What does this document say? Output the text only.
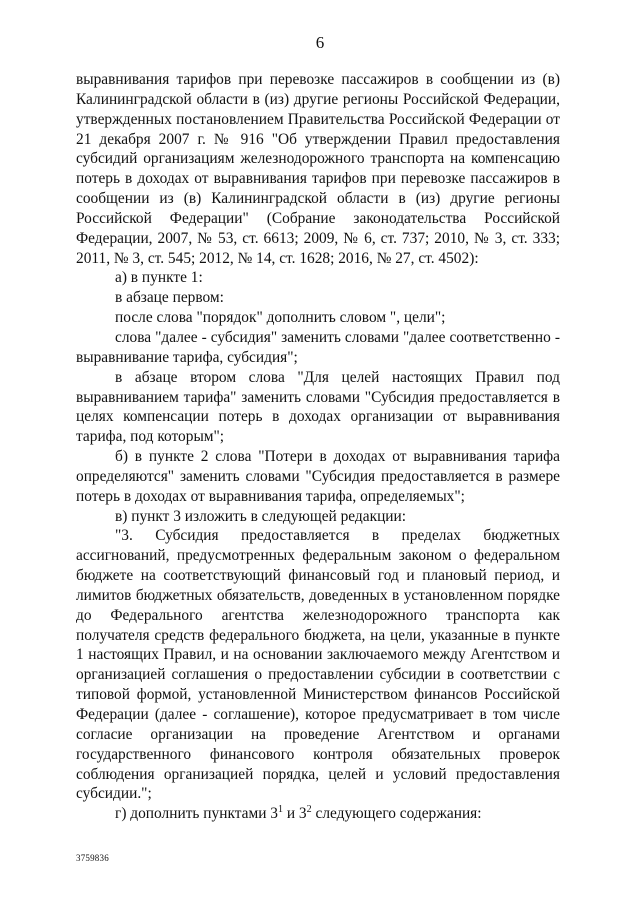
6

выравнивания тарифов при перевозке пассажиров в сообщении из (в) Калининградской области в (из) другие регионы Российской Федерации, утвержденных постановлением Правительства Российской Федерации от 21 декабря 2007 г. № 916 "Об утверждении Правил предоставления субсидий организациям железнодорожного транспорта на компенсацию потерь в доходах от выравнивания тарифов при перевозке пассажиров в сообщении из (в) Калининградской области в (из) другие регионы Российской Федерации" (Собрание законодательства Российской Федерации, 2007, № 53, ст. 6613; 2009, № 6, ст. 737; 2010, № 3, ст. 333; 2011, № 3, ст. 545; 2012, № 14, ст. 1628; 2016, № 27, ст. 4502):

а) в пункте 1:

в абзаце первом:

после слова "порядок" дополнить словом ", цели";

слова "далее - субсидия" заменить словами "далее соответственно - выравнивание тарифа, субсидия";

в абзаце втором слова "Для целей настоящих Правил под выравниванием тарифа" заменить словами "Субсидия предоставляется в целях компенсации потерь в доходах организации от выравнивания тарифа, под которым";

б) в пункте 2 слова "Потери в доходах от выравнивания тарифа определяются" заменить словами "Субсидия предоставляется в размере потерь в доходах от выравнивания тарифа, определяемых";

в) пункт 3 изложить в следующей редакции:

"3. Субсидия предоставляется в пределах бюджетных ассигнований, предусмотренных федеральным законом о федеральном бюджете на соответствующий финансовый год и плановый период, и лимитов бюджетных обязательств, доведенных в установленном порядке до Федерального агентства железнодорожного транспорта как получателя средств федерального бюджета, на цели, указанные в пункте 1 настоящих Правил, и на основании заключаемого между Агентством и организацией соглашения о предоставлении субсидии в соответствии с типовой формой, установленной Министерством финансов Российской Федерации (далее - соглашение), которое предусматривает в том числе согласие организации на проведение Агентством и органами государственного финансового контроля обязательных проверок соблюдения организацией порядка, целей и условий предоставления субсидии.";

г) дополнить пунктами $3^1$ и $3^2$ следующего содержания:

3759836
